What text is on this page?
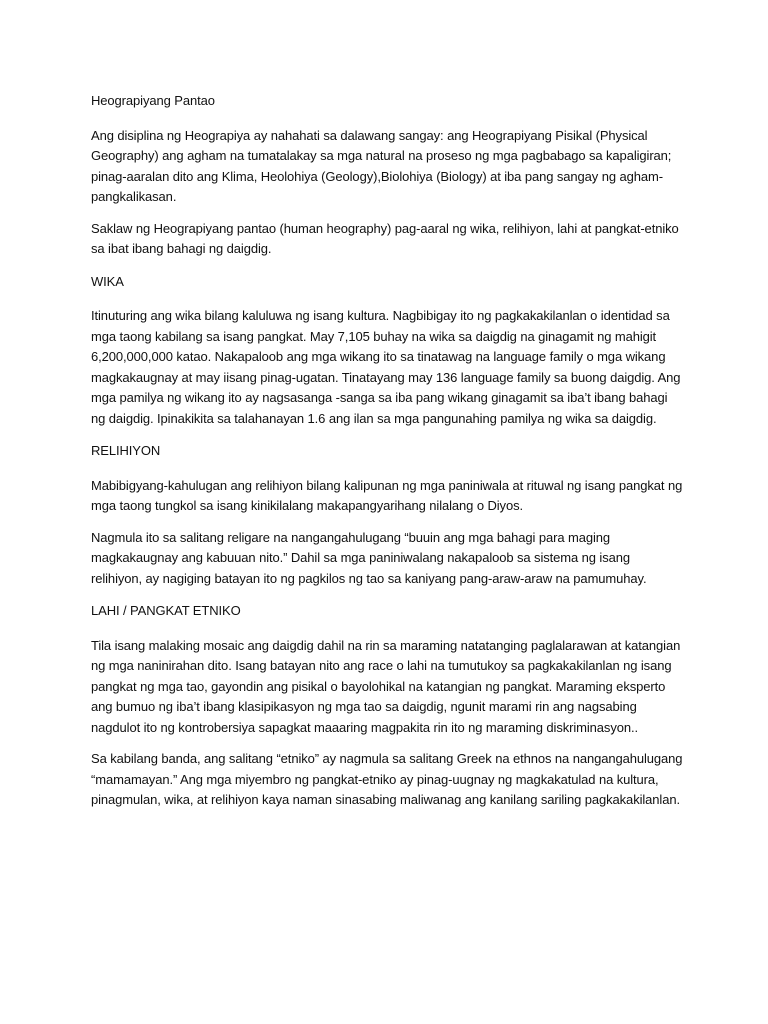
Heograpiyang Pantao

Ang disiplina ng Heograpiya ay nahahati sa dalawang sangay: ang Heograpiyang Pisikal (Physical Geography) ang agham na tumatalakay sa mga natural na proseso ng mga pagbabago sa kapaligiran; pinag-aaralan dito ang Klima, Heolohiya (Geology),Biolohiya (Biology) at iba pang sangay ng agham-pangkalikasan.

Saklaw ng Heograpiyang pantao (human heography) pag-aaral ng wika, relihiyon, lahi at pangkat-etniko sa ibat ibang bahagi ng daigdig.

WIKA

Itinuturing ang wika bilang kaluluwa ng isang kultura. Nagbibigay ito ng pagkakakilanlan o identidad sa mga taong kabilang sa isang pangkat. May 7,105 buhay na wika sa daigdig na ginagamit ng mahigit 6,200,000,000 katao. Nakapaloob ang mga wikang ito sa tinatawag na language family o mga wikang magkakaugnay at may iisang pinag-ugatan. Tinatayang may 136 language family sa buong daigdig. Ang mga pamilya ng wikang ito ay nagsasanga -sanga sa iba pang wikang ginagamit sa iba’t ibang bahagi ng daigdig. Ipinakikita sa talahanayan 1.6 ang ilan sa mga pangunahing pamilya ng wika sa daigdig.

RELIHIYON

Mabibigyang-kahulugan ang relihiyon bilang kalipunan ng mga paniniwala at rituwal ng isang pangkat ng mga taong tungkol sa isang kinikilalang makapangyarihang nilalang o Diyos.

Nagmula ito sa salitang religare na nangangahulugang “buuin ang mga bahagi para maging magkakaugnay ang kabuuan nito.” Dahil sa mga paniniwalang nakapaloob sa sistema ng isang relihiyon, ay nagiging batayan ito ng pagkilos ng tao sa kaniyang pang-araw-araw na pamumuhay.

LAHI / PANGKAT ETNIKO

Tila isang malaking mosaic ang daigdig dahil na rin sa maraming natatanging paglalarawan at katangian ng mga naninirahan dito. Isang batayan nito ang race o lahi na tumutukoy sa pagkakakilanlan ng isang pangkat ng mga tao, gayondin ang pisikal o bayolohikal na katangian ng pangkat. Maraming eksperto ang bumuo ng iba’t ibang klasipikasyon ng mga tao sa daigdig, ngunit marami rin ang nagsabing nagdulot ito ng kontrobersiya sapagkat maaaring magpakita rin ito ng maraming diskriminasyon..

Sa kabilang banda, ang salitang “etniko” ay nagmula sa salitang Greek na ethnos na nangangahulugang “mamamayan.” Ang mga miyembro ng pangkat-etniko ay pinag-uugnay ng magkakatulad na kultura, pinagmulan, wika, at relihiyon kaya naman sinasabing maliwanag ang kanilang sariling pagkakakilanlan.
